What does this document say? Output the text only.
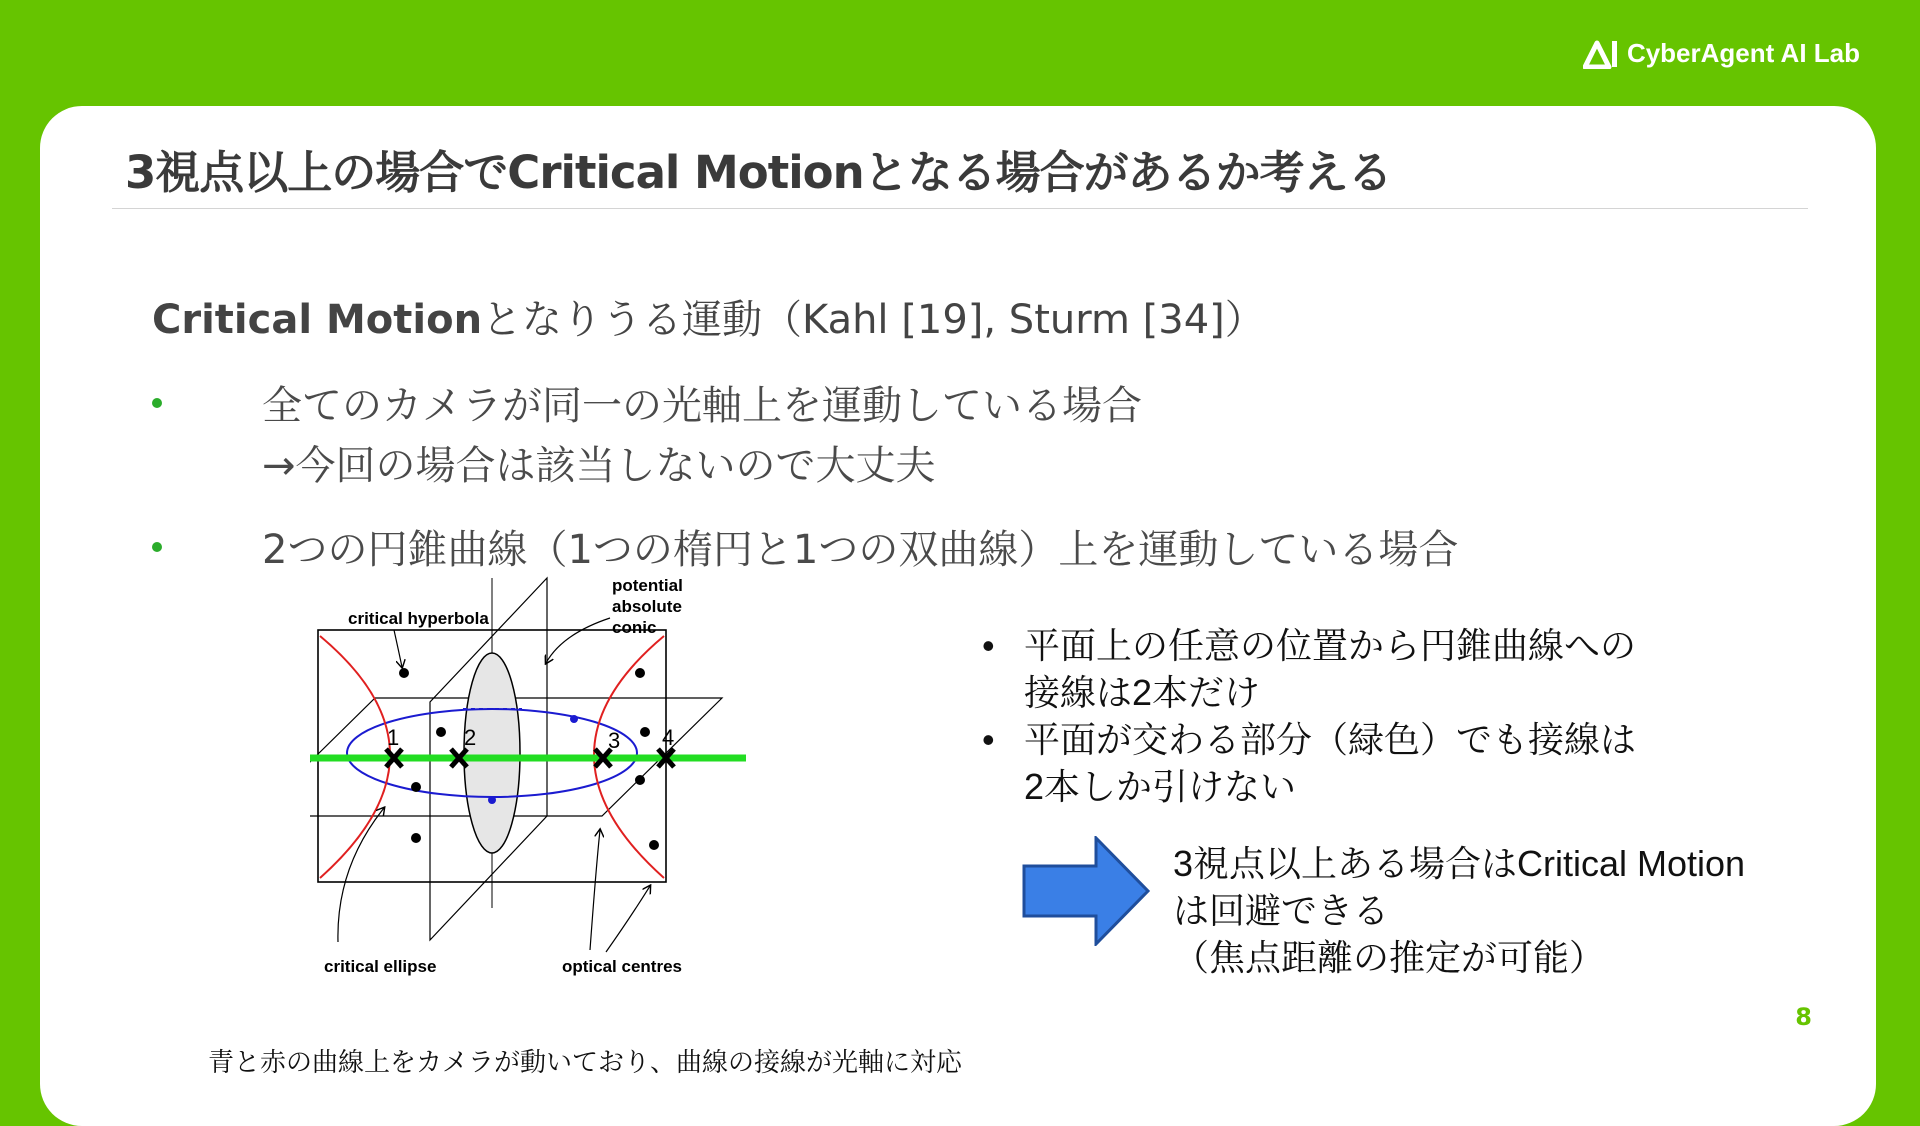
CyberAgent AI Lab
3視点以上の場合でCritical Motionとなる場合があるか考える
Critical Motionとなりうる運動（Kahl [19], Sturm [34]）
全てのカメラが同一の光軸上を運動している場合
→今回の場合は該当しないので大丈夫
2つの円錐曲線（1つの楕円と1つの双曲線）上を運動している場合
1	2	3 4
critical hyperbola
potential
absolute
conic
critical ellipse	optical centres
• 平面上の任意の位置から円錐曲線への
接線は2本だけ
• 平面が交わる部分（緑色）でも接線は
2本しか引けない
3視点以上ある場合はCritical Motion
は回避できる
（焦点距離の推定が可能）
青と赤の曲線上をカメラが動いており、曲線の接線が光軸に対応
8
